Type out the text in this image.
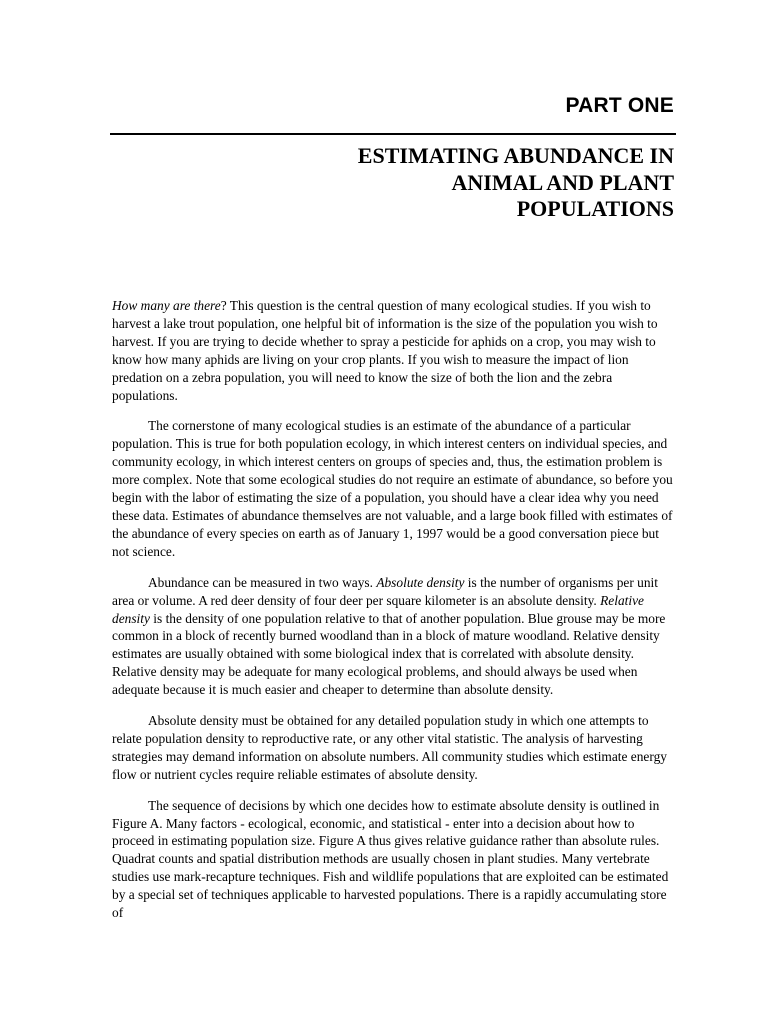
PART ONE
ESTIMATING ABUNDANCE IN
ANIMAL AND PLANT
POPULATIONS

How many are there? This question is the central question of many ecological studies. If you wish to harvest a lake trout population, one helpful bit of information is the size of the population you wish to harvest. If you are trying to decide whether to spray a pesticide for aphids on a crop, you may wish to know how many aphids are living on your crop plants. If you wish to measure the impact of lion predation on a zebra population, you will need to know the size of both the lion and the zebra populations.

The cornerstone of many ecological studies is an estimate of the abundance of a particular population. This is true for both population ecology, in which interest centers on individual species, and community ecology, in which interest centers on groups of species and, thus, the estimation problem is more complex. Note that some ecological studies do not require an estimate of abundance, so before you begin with the labor of estimating the size of a population, you should have a clear idea why you need these data. Estimates of abundance themselves are not valuable, and a large book filled with estimates of the abundance of every species on earth as of January 1, 1997 would be a good conversation piece but not science.

Abundance can be measured in two ways. Absolute density is the number of organisms per unit area or volume. A red deer density of four deer per square kilometer is an absolute density. Relative density is the density of one population relative to that of another population. Blue grouse may be more common in a block of recently burned woodland than in a block of mature woodland. Relative density estimates are usually obtained with some biological index that is correlated with absolute density. Relative density may be adequate for many ecological problems, and should always be used when adequate because it is much easier and cheaper to determine than absolute density.

Absolute density must be obtained for any detailed population study in which one attempts to relate population density to reproductive rate, or any other vital statistic. The analysis of harvesting strategies may demand information on absolute numbers. All community studies which estimate energy flow or nutrient cycles require reliable estimates of absolute density.

The sequence of decisions by which one decides how to estimate absolute density is outlined in Figure A. Many factors - ecological, economic, and statistical - enter into a decision about how to proceed in estimating population size. Figure A thus gives relative guidance rather than absolute rules. Quadrat counts and spatial distribution methods are usually chosen in plant studies. Many vertebrate studies use mark-recapture techniques. Fish and wildlife populations that are exploited can be estimated by a special set of techniques applicable to harvested populations. There is a rapidly accumulating store of
